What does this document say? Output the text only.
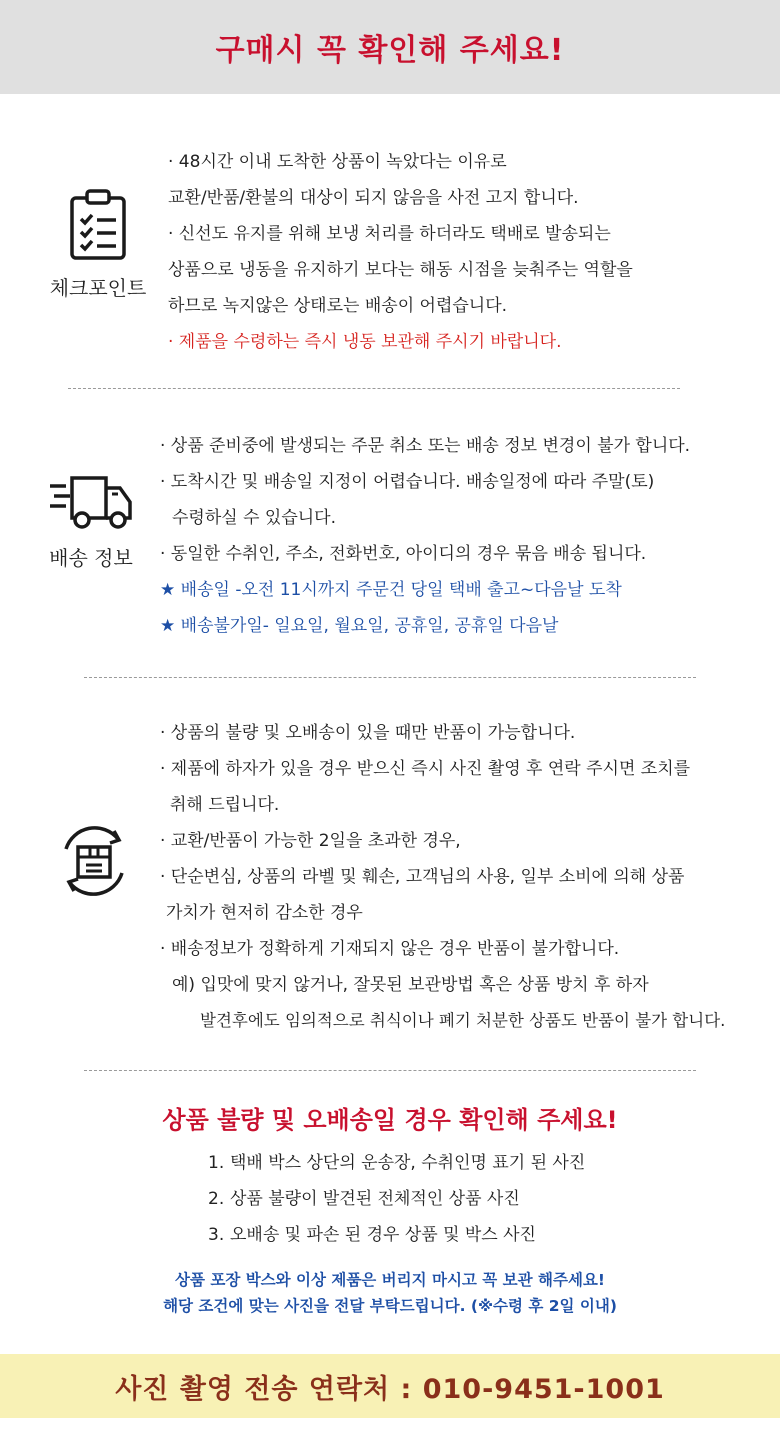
구매시 꼭 확인해 주세요!
체크포인트
· 48시간 이내 도착한 상품이 녹았다는 이유로
교환/반품/환불의 대상이 되지 않음을 사전 고지 합니다.
· 신선도 유지를 위해 보냉 처리를 하더라도 택배로 발송되는
상품으로 냉동을 유지하기 보다는 해동 시점을 늦춰주는 역할을
하므로 녹지않은 상태로는 배송이 어렵습니다.
· 제품을 수령하는 즉시 냉동 보관해 주시기 바랍니다.
배송 정보
· 상품 준비중에 발생되는 주문 취소 또는 배송 정보 변경이 불가 합니다.
· 도착시간 및 배송일 지정이 어렵습니다. 배송일정에 따라 주말(토)
수령하실 수 있습니다.
· 동일한 수취인, 주소, 전화번호, 아이디의 경우 묶음 배송 됩니다.
★ 배송일 -오전 11시까지 주문건 당일 택배 출고~다음날 도착
★ 배송불가일- 일요일, 월요일, 공휴일, 공휴일 다음날
· 상품의 불량 및 오배송이 있을 때만 반품이 가능합니다.
· 제품에 하자가 있을 경우 받으신 즉시 사진 촬영 후 연락 주시면 조치를
취해 드립니다.
· 교환/반품이 가능한 2일을 초과한 경우,
· 단순변심, 상품의 라벨 및 훼손, 고객님의 사용, 일부 소비에 의해 상품
가치가 현저히 감소한 경우
· 배송정보가 정확하게 기재되지 않은 경우 반품이 불가합니다.
예) 입맛에 맞지 않거나, 잘못된 보관방법 혹은 상품 방치 후 하자
발견후에도 임의적으로 취식이나 폐기 처분한 상품도 반품이 불가 합니다.
상품 불량 및 오배송일 경우 확인해 주세요!
1. 택배 박스 상단의 운송장, 수취인명 표기 된 사진
2. 상품 불량이 발견된 전체적인 상품 사진
3. 오배송 및 파손 된 경우 상품 및 박스 사진
상품 포장 박스와 이상 제품은 버리지 마시고 꼭 보관 해주세요!
해당 조건에 맞는 사진을 전달 부탁드립니다. (※수령 후 2일 이내)
사진 촬영 전송 연락처 : 010-9451-1001
